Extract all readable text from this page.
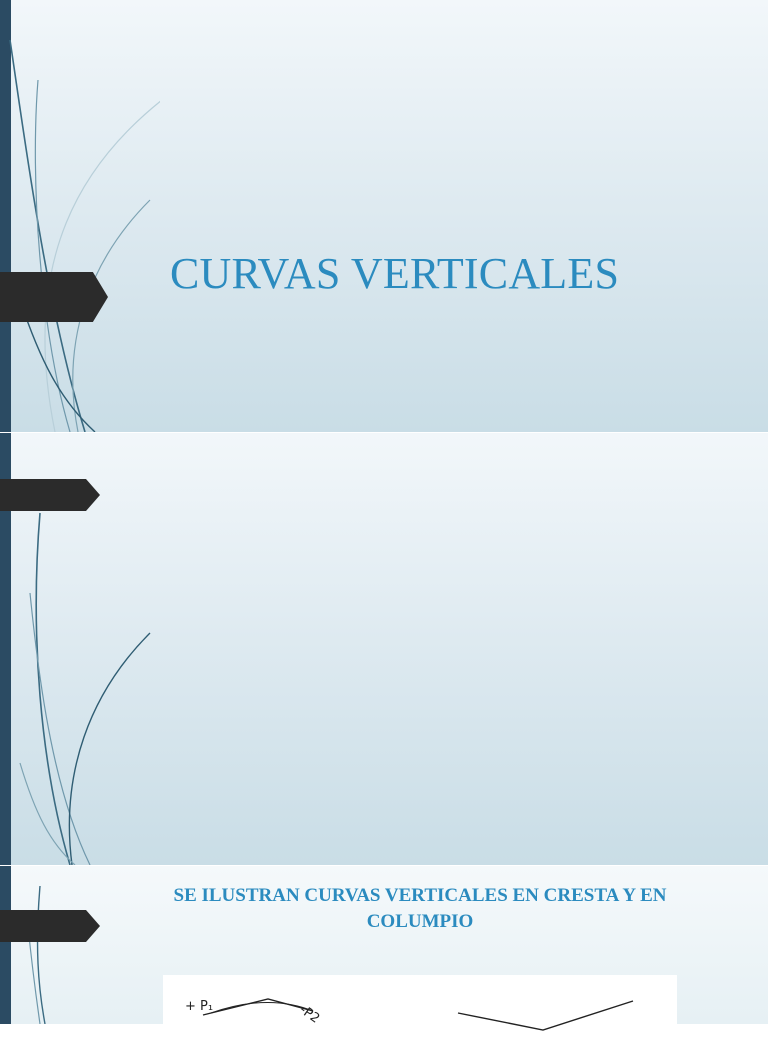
CURVAS VERTICALES

SE ILUSTRAN CURVAS VERTICALES EN CRESTA Y EN COLUMPIO
+ P₁	-P2
